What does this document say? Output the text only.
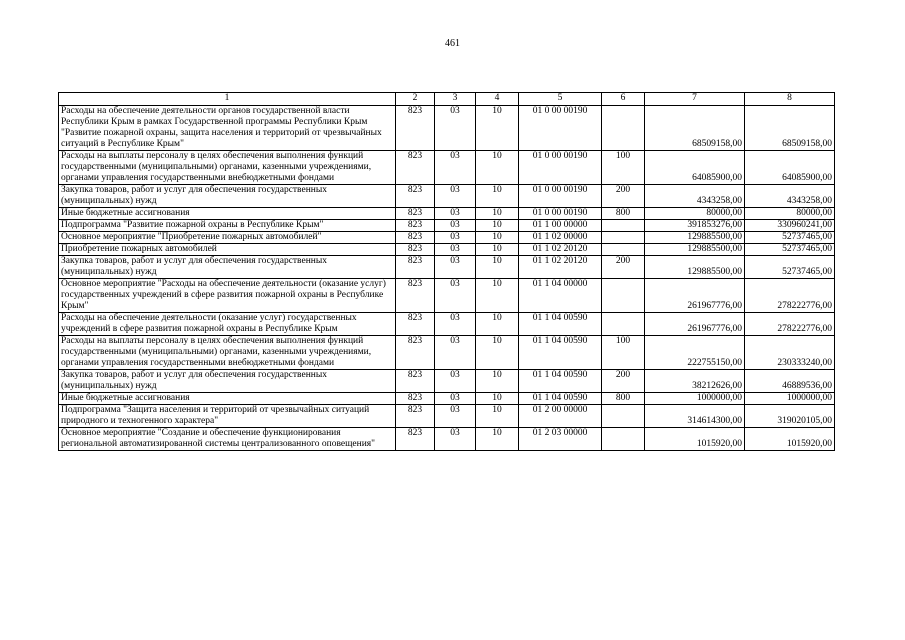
461
1	2	3	4	5	6	7	8
Расходы на обеспечение деятельности органов государственной власти Республики Крым в рамках Государственной программы Республики Крым "Развитие пожарной охраны, защита населения и территорий от чрезвычайных ситуаций в Республике Крым"	823	03	10	01 0 00 00190		68509158,00	68509158,00
Расходы на выплаты персоналу в целях обеспечения выполнения функций государственными (муниципальными) органами, казенными учреждениями, органами управления государственными внебюджетными фондами	823	03	10	01 0 00 00190	100	64085900,00	64085900,00
Закупка товаров, работ и услуг для обеспечения государственных (муниципальных) нужд	823	03	10	01 0 00 00190	200	4343258,00	4343258,00
Иные бюджетные ассигнования	823	03	10	01 0 00 00190	800	80000,00	80000,00
Подпрограмма "Развитие пожарной охраны в Республике Крым"	823	03	10	01 1 00 00000		391853276,00	330960241,00
Основное мероприятие "Приобретение пожарных автомобилей"	823	03	10	01 1 02 00000		129885500,00	52737465,00
Приобретение пожарных автомобилей	823	03	10	01 1 02 20120		129885500,00	52737465,00
Закупка товаров, работ и услуг для обеспечения государственных (муниципальных) нужд	823	03	10	01 1 02 20120	200	129885500,00	52737465,00
Основное мероприятие "Расходы на обеспечение деятельности (оказание услуг) государственных учреждений в сфере развития пожарной охраны в Республике Крым"	823	03	10	01 1 04 00000		261967776,00	278222776,00
Расходы на обеспечение деятельности (оказание услуг) государственных учреждений в сфере развития пожарной охраны в Республике Крым	823	03	10	01 1 04 00590		261967776,00	278222776,00
Расходы на выплаты персоналу в целях обеспечения выполнения функций государственными (муниципальными) органами, казенными учреждениями, органами управления государственными внебюджетными фондами	823	03	10	01 1 04 00590	100	222755150,00	230333240,00
Закупка товаров, работ и услуг для обеспечения государственных (муниципальных) нужд	823	03	10	01 1 04 00590	200	38212626,00	46889536,00
Иные бюджетные ассигнования	823	03	10	01 1 04 00590	800	1000000,00	1000000,00
Подпрограмма "Защита населения и территорий от чрезвычайных ситуаций природного и техногенного характера"	823	03	10	01 2 00 00000		314614300,00	319020105,00
Основное мероприятие "Создание и обеспечение функционирования региональной автоматизированной системы централизованного оповещения"	823	03	10	01 2 03 00000		1015920,00	1015920,00
